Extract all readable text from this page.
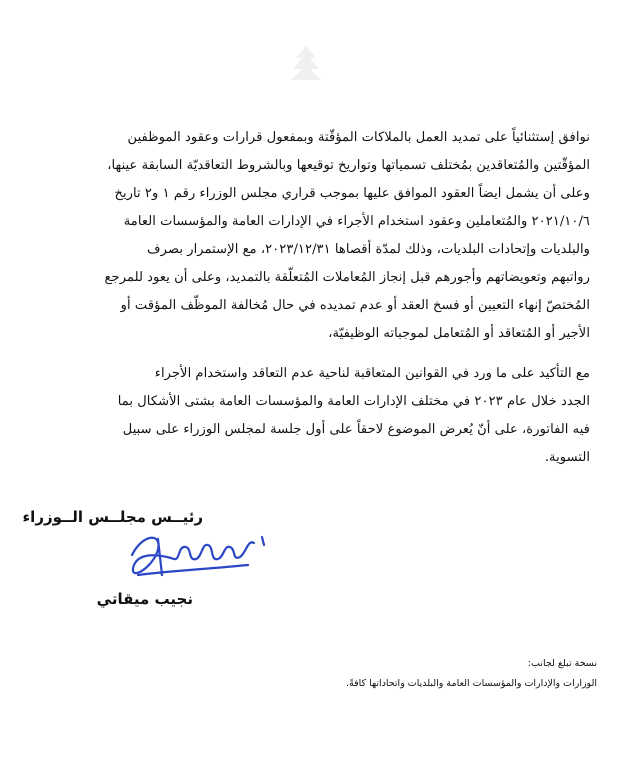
نوافق إستثنائياً على تمديد العمل بالملاكات المؤقّتة وبمفعول قرارات وعقود الموظفين
المؤقّتين والمُتعاقدين بمُختلف تسمياتها وتواريخ توقيعها وبالشروط التعاقديّة السابقة عينها،
وعلى أن يشمل ايضاً العقود الموافق عليها بموجب قراري مجلس الوزراء رقم ١ و٢ تاريخ
٢٠٢١/١٠/٦ والمُتعاملين وعقود استخدام الأجراء في الإدارات العامة والمؤسسات العامة
والبلديات وإتحادات البلديات، وذلك لمدّة أقصاها ٢٠٢٣/١٢/٣١، مع الإستمرار بصرف
رواتبهم وتعويضاتهم وأجورهم قبل إنجاز المُعاملات المُتعلّقة بالتمديد، وعلى أن يعود للمرجع
المُختصّ إنهاء التعيين أو فسخ العقد أو عدم تمديده في حال مُخالفة الموظّف المؤقت أو
الأجير أو المُتعاقد أو المُتعامل لموجباته الوظيفيّة،
مع التأكيد على ما ورد في القوانين المتعاقبة لناحية عدم التعاقد واستخدام الأجراء
الجدد خلال عام ٢٠٢٣ في مختلف الإدارات العامة والمؤسسات العامة بشتى الأشكال بما
فيه الفاتورة، على أنّ يُعرض الموضوع لاحقاً على أول جلسة لمجلس الوزراء على سبيل
التسوية.
رئيــس مجلــس الــوزراء
نجيب ميقاتي
نسخة تبلغ لجانب:
الوزارات والإدارات والمؤسسات العامة والبلديات واتحاداتها كافةً.
